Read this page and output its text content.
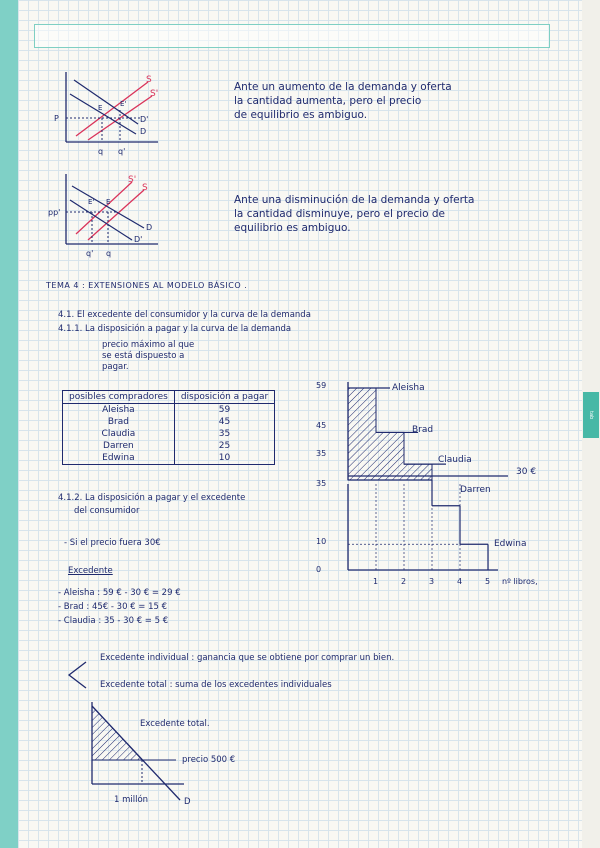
tab
S
S'
D'
D
E	E'
P
q q'
Ante un aumento de la demanda y oferta
la cantidad aumenta, pero el precio
de equilibrio es ambiguo.
S'
S
D
D'
E
E'
pp'
q' q
Ante una disminución de la demanda y oferta
la cantidad disminuye, pero el precio de
equilibrio es ambiguo.
TEMA 4 : EXTENSIONES AL MODELO BÁSICO .
4.1. El excedente del consumidor y la curva de la demanda
4.1.1. La disposición a pagar y la curva de la demanda
precio máximo al que
se está dispuesto a
pagar.
posibles compradores	disposición a pagar
Aleisha	59
Brad	45
Claudia	35
Darren	25
Edwina	10
59
45
35
35
10
0
1	2	3	4	5 nº libros,
Aleisha
Brad
Claudia
Darren
Edwina
30 €
4.1.2. La disposición a pagar y el excedente
del consumidor
- Si el precio fuera 30€
Excedente
- Aleisha : 59 € - 30 € = 29 €
- Brad : 45€ - 30 € = 15 €
- Claudia : 35 - 30 € = 5 €
Excedente individual : ganancia que se obtiene por comprar un bien.
Excedente total : suma de los excedentes individuales
Excedente total.
precio 500 €
1 millón	D
